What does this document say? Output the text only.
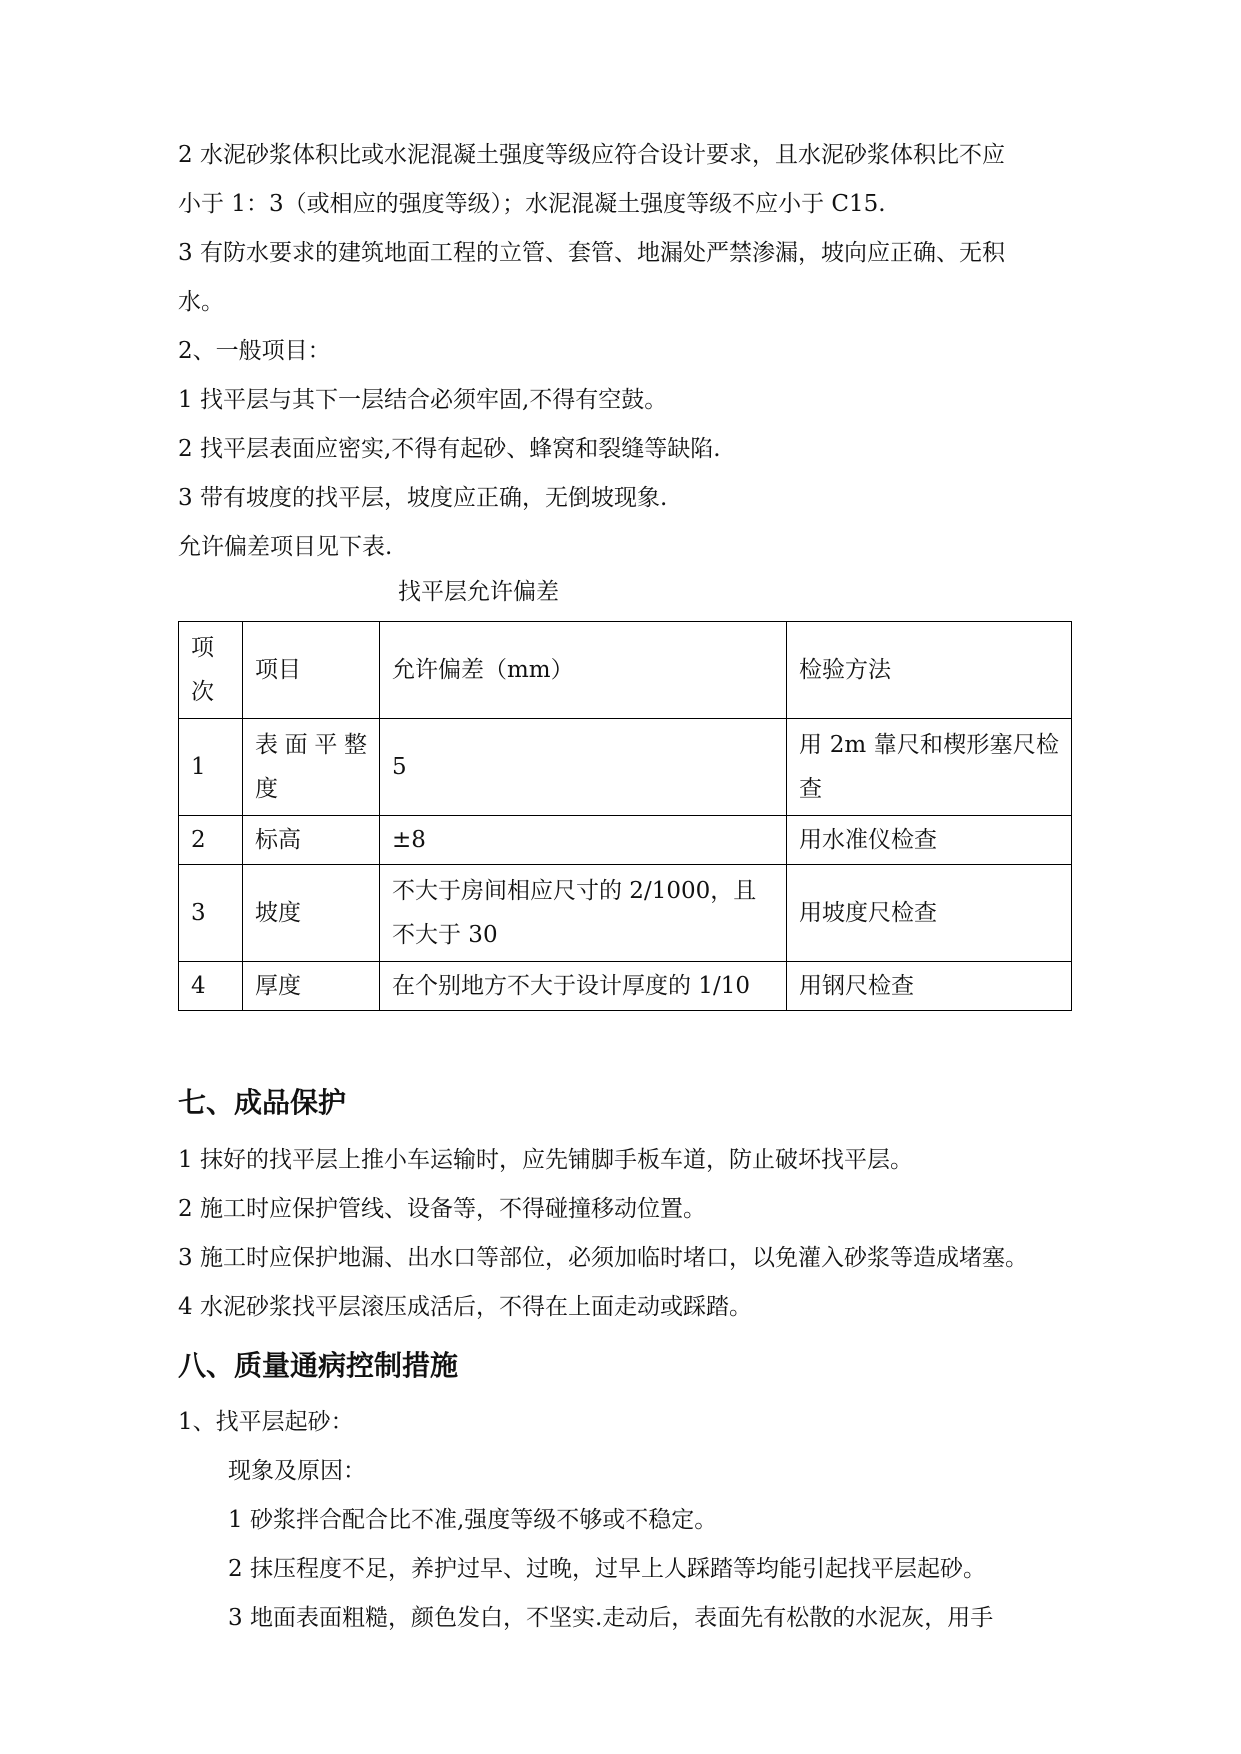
2 水泥砂浆体积比或水泥混凝土强度等级应符合设计要求，且水泥砂浆体积比不应
小于 1：3（或相应的强度等级）；水泥混凝土强度等级不应小于 C15.
3 有防水要求的建筑地面工程的立管、套管、地漏处严禁渗漏，坡向应正确、无积
水。
2、一般项目：
1 找平层与其下一层结合必须牢固,不得有空鼓。
2 找平层表面应密实,不得有起砂、蜂窝和裂缝等缺陷.
3 带有坡度的找平层，坡度应正确，无倒坡现象.
允许偏差项目见下表.
找平层允许偏差
项次	项目	允许偏差（mm）	检验方法
1	表面平整度	5	用 2m 靠尺和楔形塞尺检查
2	标高	±8	用水准仪检查
3	坡度	不大于房间相应尺寸的 2/1000，且不大于 30	用坡度尺检查
4	厚度	在个别地方不大于设计厚度的 1/10	用钢尺检查
七、成品保护
1 抹好的找平层上推小车运输时，应先铺脚手板车道，防止破坏找平层。
2 施工时应保护管线、设备等，不得碰撞移动位置。
3 施工时应保护地漏、出水口等部位，必须加临时堵口，以免灌入砂浆等造成堵塞。
4 水泥砂浆找平层滚压成活后，不得在上面走动或踩踏。
八、质量通病控制措施
1、找平层起砂：
现象及原因：
1 砂浆拌合配合比不准,强度等级不够或不稳定。
2 抹压程度不足，养护过早、过晚，过早上人踩踏等均能引起找平层起砂。
3 地面表面粗糙，颜色发白，不坚实.走动后，表面先有松散的水泥灰，用手
